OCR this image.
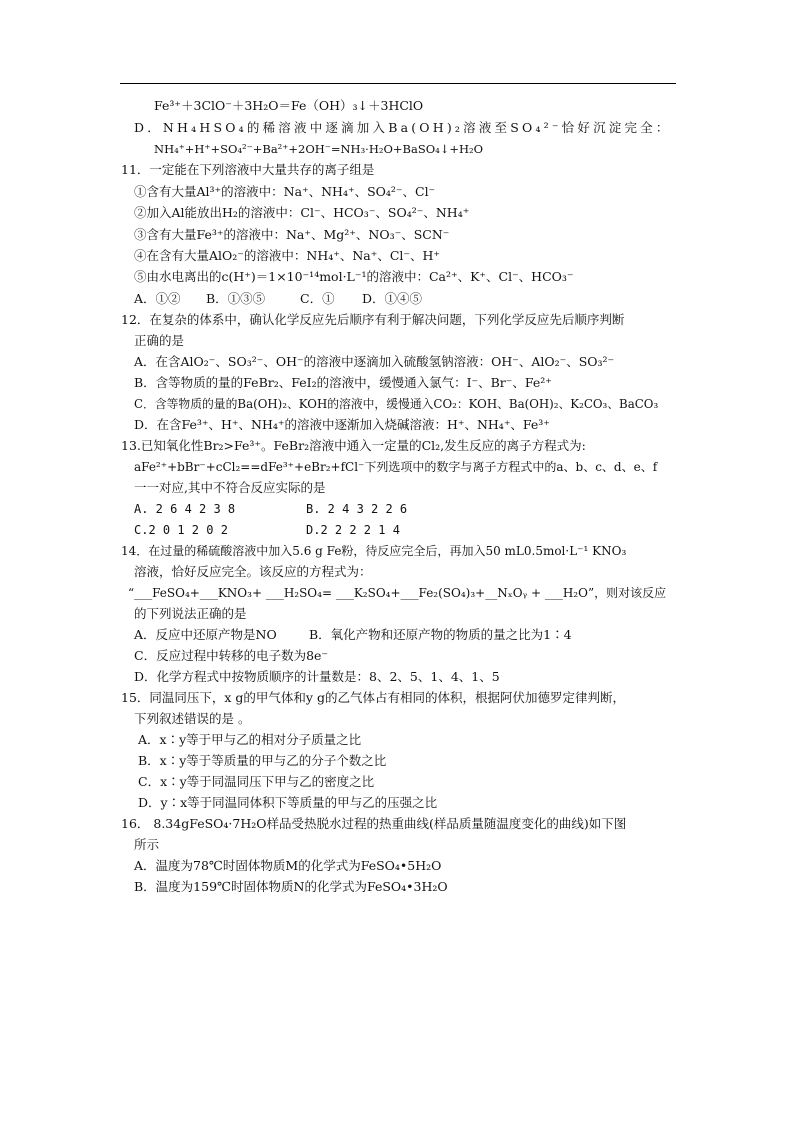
Fe³⁺＋3ClO⁻＋3H₂O＝Fe（OH）₃↓＋3HClO
D．NH₄HSO₄的稀溶液中逐滴加入Ba(OH)₂溶液至SO₄²⁻恰好沉淀完全：
NH₄⁺+H⁺+SO₄²⁻+Ba²⁺+2OH⁻=NH₃·H₂O+BaSO₄↓+H₂O
11．一定能在下列溶液中大量共存的离子组是
①含有大量Al³⁺的溶液中：Na⁺、NH₄⁺、SO₄²⁻、Cl⁻
②加入Al能放出H₂的溶液中：Cl⁻、HCO₃⁻、SO₄²⁻、NH₄⁺
③含有大量Fe³⁺的溶液中：Na⁺、Mg²⁺、NO₃⁻、SCN⁻
④在含有大量AlO₂⁻的溶液中：NH₄⁺、Na⁺、Cl⁻、H⁺
⑤由水电离出的c(H⁺)＝1×10⁻¹⁴mol·L⁻¹的溶液中：Ca²⁺、K⁺、Cl⁻、HCO₃⁻
A．①② B．①③⑤	C．① D．①④⑤
12．在复杂的体系中，确认化学反应先后顺序有利于解决问题，下列化学反应先后顺序判断
正确的是
A．在含AlO₂⁻、SO₃²⁻、OH⁻的溶液中逐滴加入硫酸氢钠溶液：OH⁻、AlO₂⁻、SO₃²⁻
B．含等物质的量的FeBr₂、FeI₂的溶液中，缓慢通入氯气：I⁻、Br⁻、Fe²⁺
C．含等物质的量的Ba(OH)₂、KOH的溶液中，缓慢通入CO₂：KOH、Ba(OH)₂、K₂CO₃、BaCO₃
D．在含Fe³⁺、H⁺、NH₄⁺的溶液中逐渐加入烧碱溶液：H⁺、NH₄⁺、Fe³⁺
13.已知氧化性Br₂>Fe³⁺。FeBr₂溶液中通入一定量的Cl₂,发生反应的离子方程式为:
aFe²⁺+bBr⁻+cCl₂==dFe³⁺+eBr₂+fCl⁻下列选项中的数字与离子方程式中的a、b、c、d、e、f
一一对应,其中不符合反应实际的是
A. 2 6 4 2 3 8	B. 2 4 3 2 2 6
C.2 0 1 2 0 2	D.2 2 2 2 1 4
14．在过量的稀硫酸溶液中加入5.6 g Fe粉，待反应完全后，再加入50 mL0.5mol·L⁻¹ KNO₃
溶液，恰好反应完全。该反应的方程式为：
“___FeSO₄+___KNO₃+ ___H₂SO₄= ___K₂SO₄+___Fe₂(SO₄)₃+__NₓOᵧ + ___H₂O”，则对该反应
的下列说法正确的是
A．反应中还原产物是NO	B．氧化产物和还原产物的物质的量之比为1∶4
C．反应过程中转移的电子数为8e⁻
D．化学方程式中按物质顺序的计量数是：8、2、5、1、4、1、5
15．同温同压下，x g的甲气体和y g的乙气体占有相同的体积，根据阿伏加德罗定律判断，
下列叙述错误的是 。
A．x∶y等于甲与乙的相对分子质量之比
B．x∶y等于等质量的甲与乙的分子个数之比
C．x∶y等于同温同压下甲与乙的密度之比
D．y∶x等于同温同体积下等质量的甲与乙的压强之比
16． 8.34gFeSO₄·7H₂O样品受热脱水过程的热重曲线(样品质量随温度变化的曲线)如下图
所示
A．温度为78℃时固体物质M的化学式为FeSO₄•5H₂O
B．温度为159℃时固体物质N的化学式为FeSO₄•3H₂O
